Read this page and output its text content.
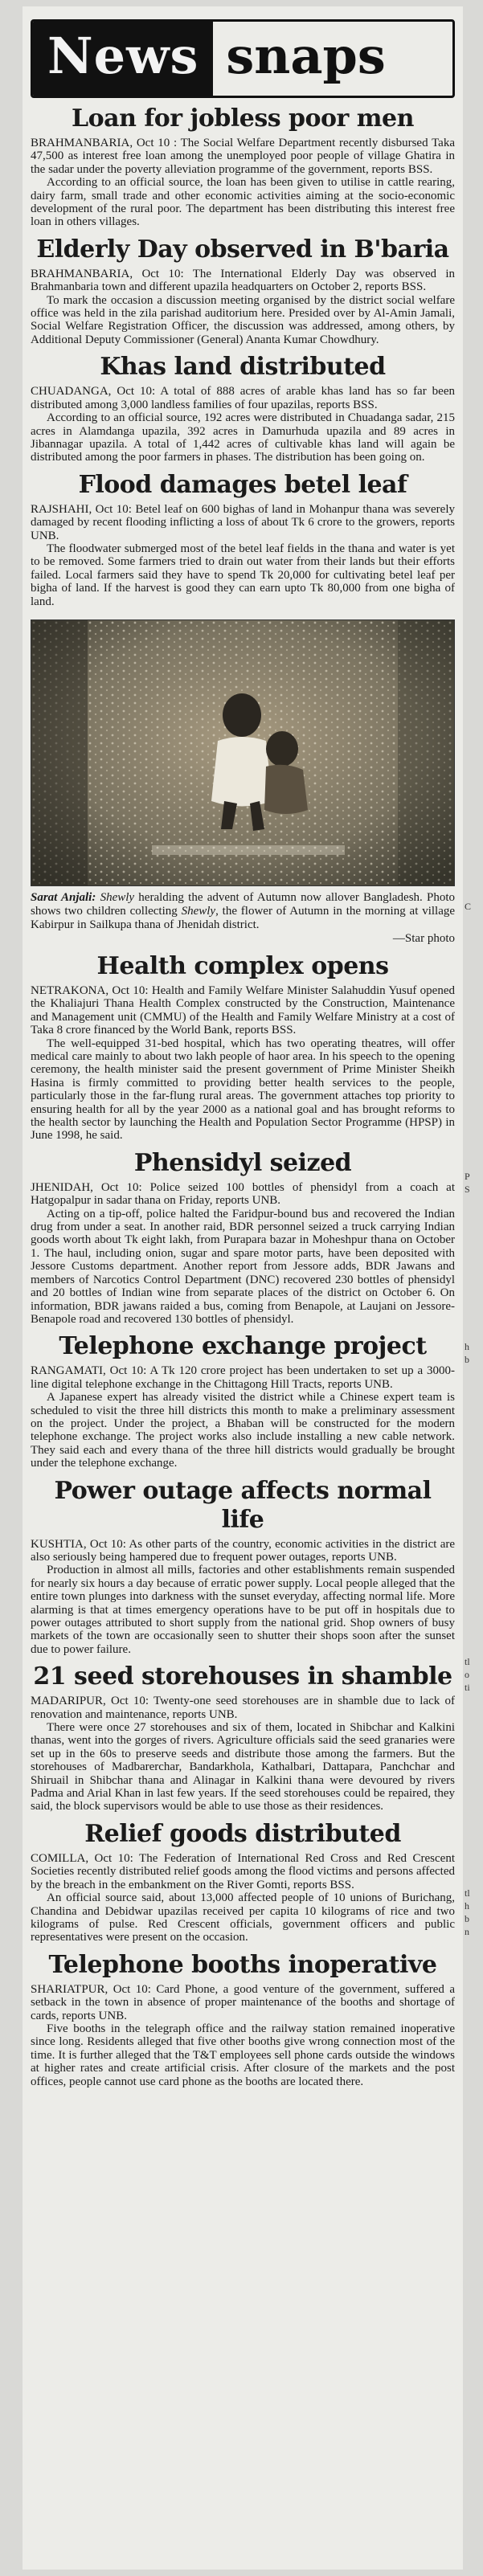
News snaps
Loan for jobless poor men

BRAHMANBARIA, Oct 10 : The Social Welfare Department recently disbursed Taka 47,500 as interest free loan among the unemployed poor people of village Ghatira in the sadar under the poverty alleviation programme of the government, reports BSS.

According to an official source, the loan has been given to utilise in cattle rearing, dairy farm, small trade and other economic activities aiming at the socio-economic development of the rural poor. The department has been distributing this interest free loan in others villages.

Elderly Day observed in B'baria

BRAHMANBARIA, Oct 10: The International Elderly Day was observed in Brahmanbaria town and different upazila headquarters on October 2, reports BSS.

To mark the occasion a discussion meeting organised by the district social welfare office was held in the zila parishad auditorium here. Presided over by Al-Amin Jamali, Social Welfare Registration Officer, the discussion was addressed, among others, by Additional Deputy Commissioner (General) Ananta Kumar Chowdhury.

Khas land distributed

CHUADANGA, Oct 10: A total of 888 acres of arable khas land has so far been distributed among 3,000 landless families of four upazilas, reports BSS.

According to an official source, 192 acres were distributed in Chuadanga sadar, 215 acres in Alamdanga upazila, 392 acres in Damurhuda upazila and 89 acres in Jibannagar upazila. A total of 1,442 acres of cultivable khas land will again be distributed among the poor farmers in phases. The distribution has been going on.

Flood damages betel leaf

RAJSHAHI, Oct 10: Betel leaf on 600 bighas of land in Mohanpur thana was severely damaged by recent flooding inflicting a loss of about Tk 6 crore to the growers, reports UNB.

The floodwater submerged most of the betel leaf fields in the thana and water is yet to be removed. Some farmers tried to drain out water from their lands but their efforts failed. Local farmers said they have to spend Tk 20,000 for cultivating betel leaf per bigha of land. If the harvest is good they can earn upto Tk 80,000 from one bigha of land.

Sarat Anjali: Shewly heralding the advent of Autumn now allover Bangladesh. Photo shows two children collecting Shewly, the flower of Autumn in the morning at village Kabirpur in Sailkupa thana of Jhenidah district.
—Star photo
Health complex opens

NETRAKONA, Oct 10: Health and Family Welfare Minister Salahuddin Yusuf opened the Khaliajuri Thana Health Complex constructed by the Construction, Maintenance and Management unit (CMMU) of the Health and Family Welfare Ministry at a cost of Taka 8 crore financed by the World Bank, reports BSS.

The well-equipped 31-bed hospital, which has two operating theatres, will offer medical care mainly to about two lakh people of haor area. In his speech to the opening ceremony, the health minister said the present government of Prime Minister Sheikh Hasina is firmly committed to providing better health services to the people, particularly those in the far-flung rural areas. The government attaches top priority to ensuring health for all by the year 2000 as a national goal and has brought reforms to the health sector by launching the Health and Population Sector Programme (HPSP) in June 1998, he said.

Phensidyl seized

JHENIDAH, Oct 10: Police seized 100 bottles of phensidyl from a coach at Hatgopalpur in sadar thana on Friday, reports UNB.

Acting on a tip-off, police halted the Faridpur-bound bus and recovered the Indian drug from under a seat. In another raid, BDR personnel seized a truck carrying Indian goods worth about Tk eight lakh, from Purapara bazar in Moheshpur thana on October 1. The haul, including onion, sugar and spare motor parts, have been deposited with Jessore Customs department. Another report from Jessore adds, BDR Jawans and members of Narcotics Control Department (DNC) recovered 230 bottles of phensidyl and 20 bottles of Indian wine from separate places of the district on October 6. On information, BDR jawans raided a bus, coming from Benapole, at Laujani on Jessore-Benapole road and recovered 130 bottles of phensidyl.

Telephone exchange project

RANGAMATI, Oct 10: A Tk 120 crore project has been undertaken to set up a 3000-line digital telephone exchange in the Chittagong Hill Tracts, reports UNB.

A Japanese expert has already visited the district while a Chinese expert team is scheduled to visit the three hill districts this month to make a preliminary assessment on the project. Under the project, a Bhaban will be constructed for the modern telephone exchange. The project works also include installing a new cable network. They said each and every thana of the three hill districts would gradually be brought under the telephone exchange.

Power outage affects normal life

KUSHTIA, Oct 10: As other parts of the country, economic activities in the district are also seriously being hampered due to frequent power outages, reports UNB.

Production in almost all mills, factories and other establishments remain suspended for nearly six hours a day because of erratic power supply. Local people alleged that the entire town plunges into darkness with the sunset everyday, affecting normal life. More alarming is that at times emergency operations have to be put off in hospitals due to power outages attributed to short supply from the national grid. Shop owners of busy markets of the town are occasionally seen to shutter their shops soon after the sunset due to power failure.

21 seed storehouses in shamble

MADARIPUR, Oct 10: Twenty-one seed storehouses are in shamble due to lack of renovation and maintenance, reports UNB.

There were once 27 storehouses and six of them, located in Shibchar and Kalkini thanas, went into the gorges of rivers. Agriculture officials said the seed granaries were set up in the 60s to preserve seeds and distribute those among the farmers. But the storehouses of Madbarerchar, Bandarkhola, Kathalbari, Dattapara, Panchchar and Shiruail in Shibchar thana and Alinagar in Kalkini thana were devoured by rivers Padma and Arial Khan in last few years. If the seed storehouses could be repaired, they said, the block supervisors would be able to use those as their residences.

Relief goods distributed

COMILLA, Oct 10: The Federation of International Red Cross and Red Crescent Societies recently distributed relief goods among the flood victims and persons affected by the breach in the embankment on the River Gomti, reports BSS.

An official source said, about 13,000 affected people of 10 unions of Burichang, Chandina and Debidwar upazilas received per capita 10 kilograms of rice and two kilograms of pulse. Red Crescent officials, government officers and public representatives were present on the occasion.

Telephone booths inoperative

SHARIATPUR, Oct 10: Card Phone, a good venture of the government, suffered a setback in the town in absence of proper maintenance of the booths and shortage of cards, reports UNB.

Five booths in the telegraph office and the railway station remained inoperative since long. Residents alleged that five other booths give wrong connection most of the time. It is further alleged that the T&T employees sell phone cards outside the windows at higher rates and create artificial crisis. After closure of the markets and the post offices, people cannot use card phone as the booths are located there.

C
P
S
h
b
tl
o
ti
tl
h
b
n
